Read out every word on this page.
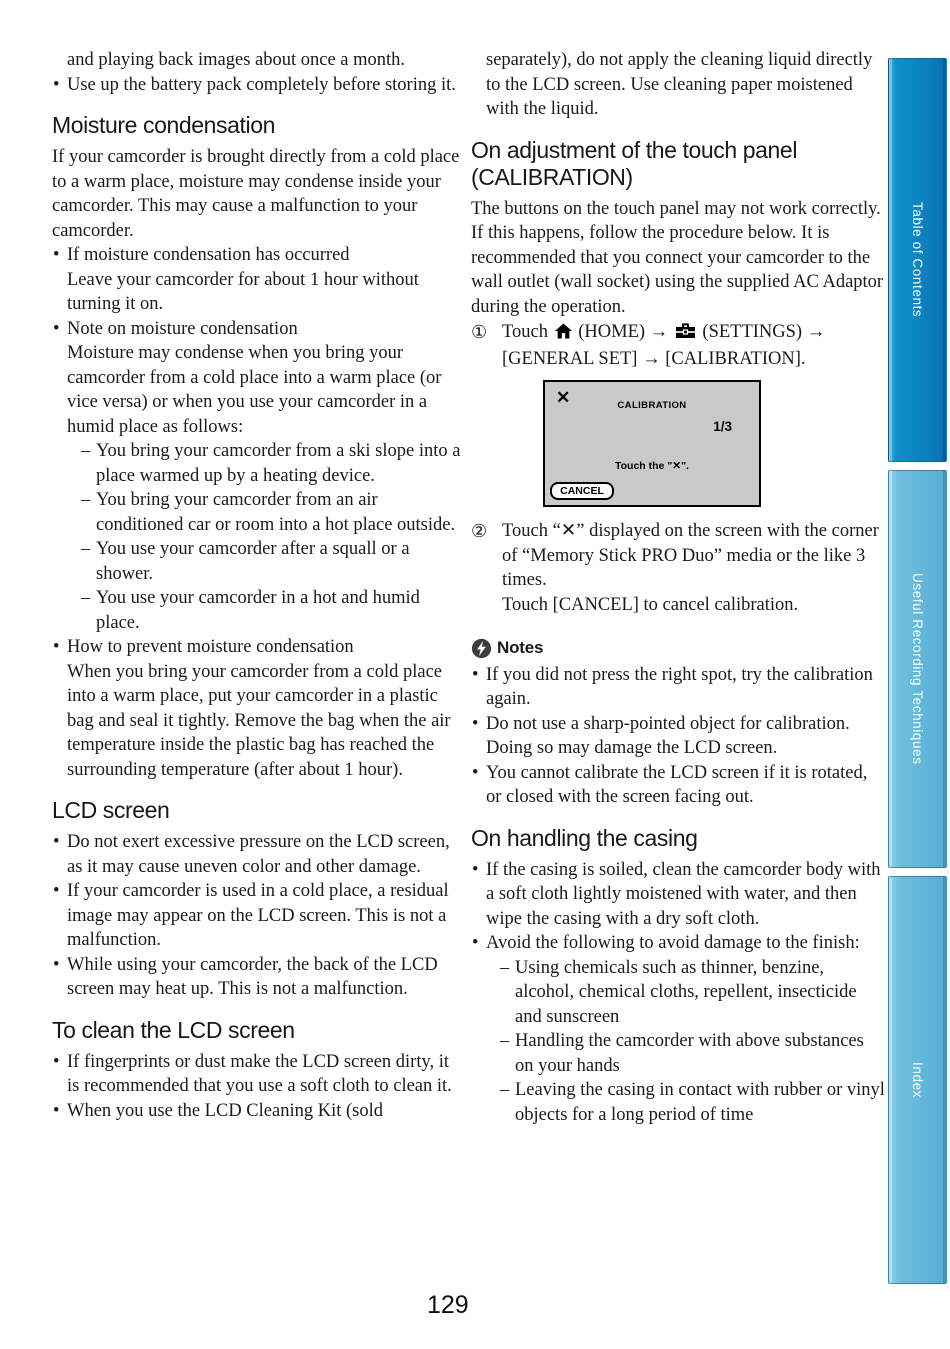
and playing back images about once a month.
• Use up the battery pack completely before storing it.
Moisture condensation
If your camcorder is brought directly from a cold place to a warm place, moisture may condense inside your camcorder. This may cause a malfunction to your camcorder.
• If moisture condensation has occurred
Leave your camcorder for about 1 hour without turning it on.
• Note on moisture condensation
Moisture may condense when you bring your camcorder from a cold place into a warm place (or vice versa) or when you use your camcorder in a humid place as follows:
– You bring your camcorder from a ski slope into a place warmed up by a heating device.
– You bring your camcorder from an air conditioned car or room into a hot place outside.
– You use your camcorder after a squall or a shower.
– You use your camcorder in a hot and humid place.
• How to prevent moisture condensation
When you bring your camcorder from a cold place into a warm place, put your camcorder in a plastic bag and seal it tightly. Remove the bag when the air temperature inside the plastic bag has reached the surrounding temperature (after about 1 hour).
LCD screen
• Do not exert excessive pressure on the LCD screen, as it may cause uneven color and other damage.
• If your camcorder is used in a cold place, a residual image may appear on the LCD screen. This is not a malfunction.
• While using your camcorder, the back of the LCD screen may heat up. This is not a malfunction.
To clean the LCD screen
• If fingerprints or dust make the LCD screen dirty, it is recommended that you use a soft cloth to clean it.
• When you use the LCD Cleaning Kit (sold
separately), do not apply the cleaning liquid directly to the LCD screen. Use cleaning paper moistened with the liquid.
On adjustment of the touch panel (CALIBRATION)
The buttons on the touch panel may not work correctly. If this happens, follow the procedure below. It is recommended that you connect your camcorder to the wall outlet (wall socket) using the supplied AC Adaptor during the operation.
① Touch (HOME) → (SETTINGS) →
[GENERAL SET] → [CALIBRATION].
✕	CALIBRATION
1/3
Touch the "✕".
CANCEL
② Touch “✕” displayed on the screen with the corner of “Memory Stick PRO Duo” media or the like 3 times.
Touch [CANCEL] to cancel calibration.
Notes
• If you did not press the right spot, try the calibration again.
• Do not use a sharp-pointed object for calibration. Doing so may damage the LCD screen.
• You cannot calibrate the LCD screen if it is rotated, or closed with the screen facing out.
On handling the casing
• If the casing is soiled, clean the camcorder body with a soft cloth lightly moistened with water, and then wipe the casing with a dry soft cloth.
• Avoid the following to avoid damage to the finish:
– Using chemicals such as thinner, benzine, alcohol, chemical cloths, repellent, insecticide and sunscreen
– Handling the camcorder with above substances on your hands
– Leaving the casing in contact with rubber or vinyl objects for a long period of time
Table of Contents
Useful Recording Techniques
Index
129
